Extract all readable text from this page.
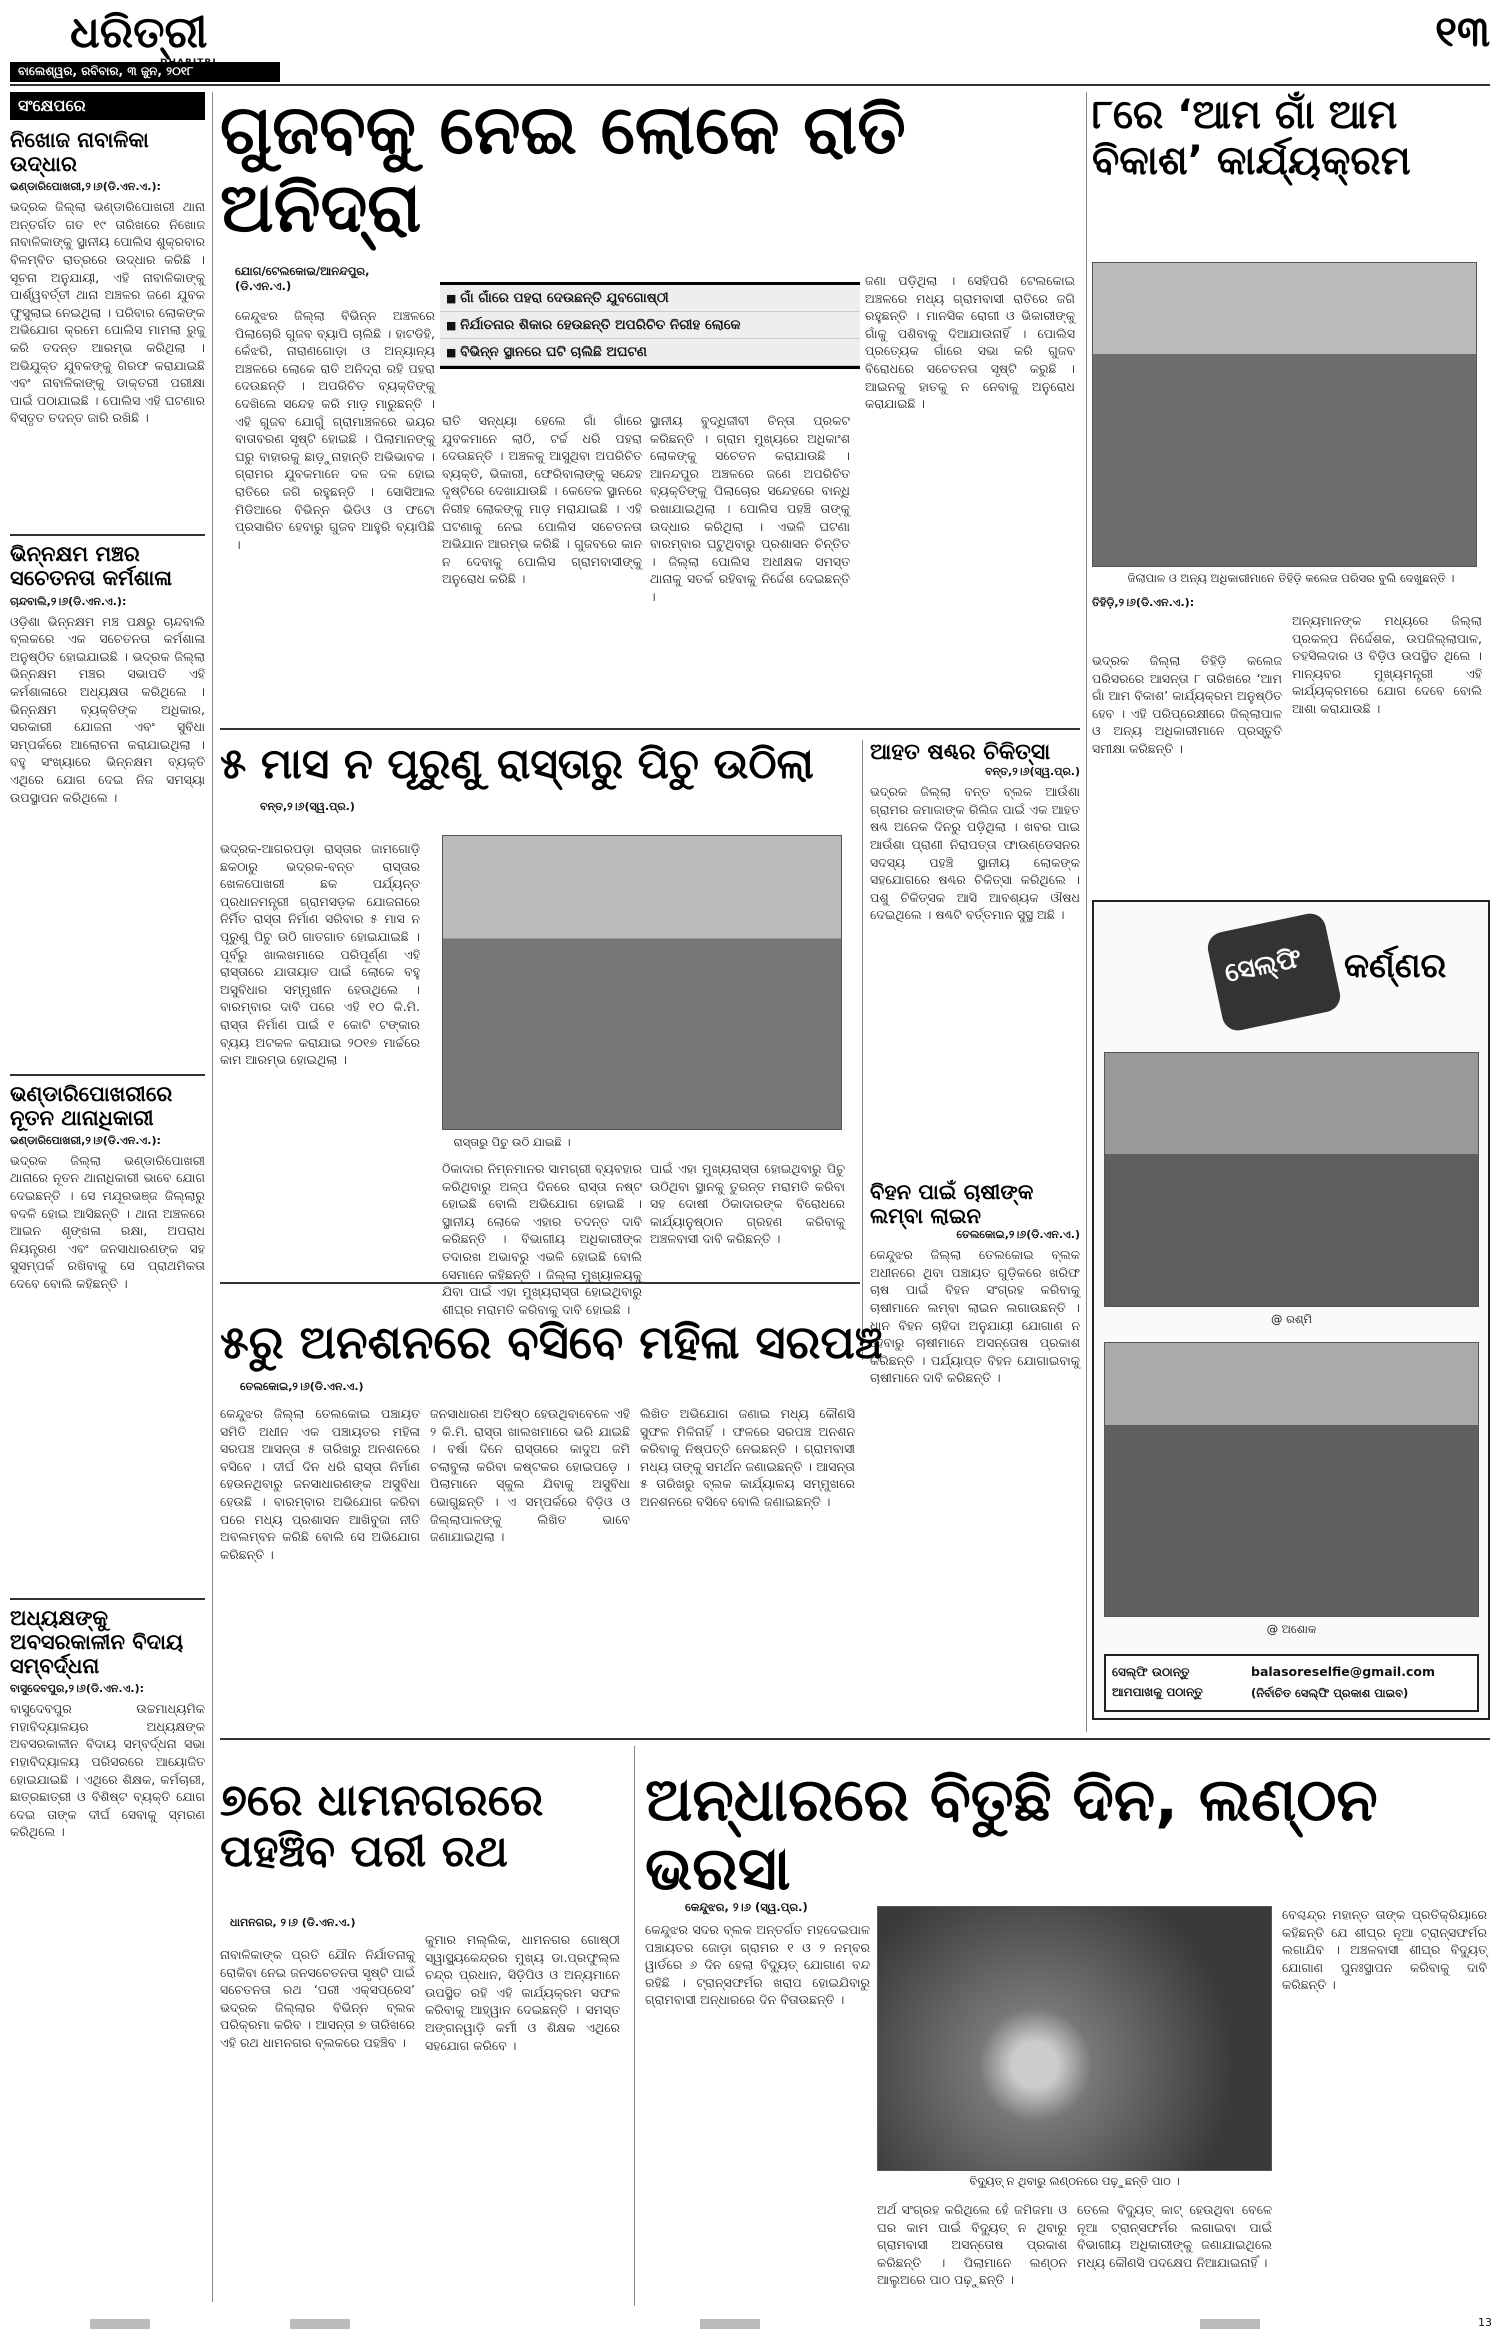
ଧରିତ୍ରୀ
ବାଲେଶ୍ୱର, ରବିବାର, ୩ ଜୁନ, ୨୦୧୮
୧୩
ସଂକ୍ଷେପରେ
ନିଖୋଜ ନାବାଳିକା ଉଦ୍ଧାର
ଭଣ୍ଡାରିପୋଖରୀ,୨।୬(ଡି.ଏନ.ଏ.):
ଭଦ୍ରକ ଜିଲ୍ଲା ଭଣ୍ଡାରିପୋଖରୀ ଥାନା ଅନ୍ତର୍ଗତ ଗତ ୧୯ ତାରିଖରେ ନିଖୋଜ ନାବାଳିକାଙ୍କୁ ସ୍ଥାନୀୟ ପୋଲିସ ଶୁକ୍ରବାର ବିଳମ୍ବିତ ରାତ୍ରରେ ଉଦ୍ଧାର କରିଛି । ସୂଚନା ଅନୁଯାୟୀ, ଏହି ନାବାଳିକାଙ୍କୁ ପାର୍ଶ୍ୱବର୍ତ୍ତୀ ଥାନା ଅଞ୍ଚଳର ଜଣେ ଯୁବକ ଫୁସୁଲାଇ ନେଇଥିଲା । ପରିବାର ଲୋକଙ୍କ ଅଭିଯୋଗ କ୍ରମେ ପୋଲିସ ମାମଲା ରୁଜୁ କରି ତଦନ୍ତ ଆରମ୍ଭ କରିଥିଲା । ଅଭିଯୁକ୍ତ ଯୁବକଙ୍କୁ ଗିରଫ କରାଯାଇଛି ଏବଂ ନାବାଳିକାଙ୍କୁ ଡାକ୍ତରୀ ପରୀକ୍ଷା ପାଇଁ ପଠାଯାଇଛି । ପୋଲିସ ଏହି ଘଟଣାର ବିସ୍ତୃତ ତଦନ୍ତ ଜାରି ରଖିଛି ।
ଭିନ୍ନକ୍ଷମ ମଞ୍ଚର ସଚେତନତା କର୍ମଶାଳା
ଚାନ୍ଦବାଲି,୨।୬(ଡି.ଏନ.ଏ.):
ଓଡ଼ିଶା ଭିନ୍ନକ୍ଷମ ମଞ୍ଚ ପକ୍ଷରୁ ଚାନ୍ଦବାଲି ବ୍ଲକରେ ଏକ ସଚେତନତା କର୍ମଶାଳା ଅନୁଷ୍ଠିତ ହୋଇଯାଇଛି । ଭଦ୍ରକ ଜିଲ୍ଲା ଭିନ୍ନକ୍ଷମ ମଞ୍ଚର ସଭାପତି ଏହି କର୍ମଶାଳାରେ ଅଧ୍ୟକ୍ଷତା କରିଥିଲେ । ଭିନ୍ନକ୍ଷମ ବ୍ୟକ୍ତିଙ୍କ ଅଧିକାର, ସରକାରୀ ଯୋଜନା ଏବଂ ସୁବିଧା ସମ୍ପର୍କରେ ଆଲୋଚନା କରାଯାଇଥିଲା । ବହୁ ସଂଖ୍ୟାରେ ଭିନ୍ନକ୍ଷମ ବ୍ୟକ୍ତି ଏଥିରେ ଯୋଗ ଦେଇ ନିଜ ସମସ୍ୟା ଉପସ୍ଥାପନ କରିଥିଲେ ।
ଭଣ୍ଡାରିପୋଖରୀରେ ନୂତନ ଥାନାଧିକାରୀ
ଭଣ୍ଡାରିପୋଖରୀ,୨।୬(ଡି.ଏନ.ଏ.):
ଭଦ୍ରକ ଜିଲ୍ଲା ଭଣ୍ଡାରିପୋଖରୀ ଥାନାରେ ନୂତନ ଥାନାଧିକାରୀ ଭାବେ ଯୋଗ ଦେଇଛନ୍ତି । ସେ ମଯୂରଭଞ୍ଜ ଜିଲ୍ଲାରୁ ବଦଳି ହୋଇ ଆସିଛନ୍ତି । ଥାନା ଅଞ୍ଚଳରେ ଆଇନ ଶୃଙ୍ଖଳା ରକ୍ଷା, ଅପରାଧ ନିୟନ୍ତ୍ରଣ ଏବଂ ଜନସାଧାରଣଙ୍କ ସହ ସୁସମ୍ପର୍କ ରଖିବାକୁ ସେ ପ୍ରାଥମିକତା ଦେବେ ବୋଲି କହିଛନ୍ତି ।
ଅଧ୍ୟକ୍ଷଙ୍କୁ ଅବସରକାଳୀନ ବିଦାୟ ସମ୍ବର୍ଦ୍ଧନା
ବାସୁଦେବପୁର,୨।୬(ଡି.ଏନ.ଏ.):
ବାସୁଦେବପୁର ଉଚ୍ଚମାଧ୍ୟମିକ ମହାବିଦ୍ୟାଳୟର ଅଧ୍ୟକ୍ଷଙ୍କ ଅବସରକାଳୀନ ବିଦାୟ ସମ୍ବର୍ଦ୍ଧନା ସଭା ମହାବିଦ୍ୟାଳୟ ପରିସରରେ ଆୟୋଜିତ ହୋଇଯାଇଛି । ଏଥିରେ ଶିକ୍ଷକ, କର୍ମଚାରୀ, ଛାତ୍ରଛାତ୍ରୀ ଓ ବିଶିଷ୍ଟ ବ୍ୟକ୍ତି ଯୋଗ ଦେଇ ତାଙ୍କ ଦୀର୍ଘ ସେବାକୁ ସ୍ମରଣ କରିଥିଲେ ।
ଗୁଜବକୁ ନେଇ ଲୋକେ ରାତି ଅନିଦ୍ରା
ଯୋଗ/ଟେଲକୋଇ/ଆନନ୍ଦପୁର, (ଡି.ଏନ.ଏ.)
■ ଗାଁ ଗାଁରେ ପହରା ଦେଉଛନ୍ତି ଯୁବଗୋଷ୍ଠୀ
■ ନିର୍ଯାତନାର ଶିକାର ହେଉଛନ୍ତି ଅପରିଚିତ ନିରୀହ ଲୋକେ
■ ବିଭିନ୍ନ ସ୍ଥାନରେ ଘଟି ଚାଲିଛି ଅଘଟଣ
କେନ୍ଦୁଝର ଜିଲ୍ଲା ବିଭିନ୍ନ ଅଞ୍ଚଳରେ ପିଲାଚୋରି ଗୁଜବ ବ୍ୟାପି ଚାଲିଛି । ହାଟଡିହି, କେଁଝରି, ନାରାଣଗୋଡ଼ା ଓ ଅନ୍ୟାନ୍ୟ ଅଞ୍ଚଳରେ ଲୋକେ ରାତି ଅନିଦ୍ରା ରହି ପହରା ଦେଉଛନ୍ତି । ଅପରିଚିତ ବ୍ୟକ୍ତିଙ୍କୁ ଦେଖିଲେ ସନ୍ଦେହ କରି ମାଡ଼ ମାରୁଛନ୍ତି । ଏହି ଗୁଜବ ଯୋଗୁଁ ଗ୍ରାମାଞ୍ଚଳରେ ଭୟର ବାତାବରଣ ସୃଷ୍ଟି ହୋଇଛି । ପିଲାମାନଙ୍କୁ ଘରୁ ବାହାରକୁ ଛାଡ଼ୁନାହାନ୍ତି ଅଭିଭାବକ । ଗ୍ରାମର ଯୁବକମାନେ ଦଳ ଦଳ ହୋଇ ରାତିରେ ଜଗି ରହୁଛନ୍ତି । ସୋସିଆଲ ମିଡିଆରେ ବିଭିନ୍ନ ଭିଡିଓ ଓ ଫଟୋ ପ୍ରସାରିତ ହେବାରୁ ଗୁଜବ ଆହୁରି ବ୍ୟାପିଛି ।
ରାତି ସନ୍ଧ୍ୟା ହେଲେ ଗାଁ ଗାଁରେ ଯୁବକମାନେ ଲାଠି, ଟର୍ଚ୍ଚ ଧରି ପହରା ଦେଉଛନ୍ତି । ଅଞ୍ଚଳକୁ ଆସୁଥିବା ଅପରିଚିତ ବ୍ୟକ୍ତି, ଭିକାରୀ, ଫେରିବାଲାଙ୍କୁ ସନ୍ଦେହ ଦୃଷ୍ଟିରେ ଦେଖାଯାଉଛି । କେତେକ ସ୍ଥାନରେ ନିରୀହ ଲୋକଙ୍କୁ ମାଡ଼ ମରାଯାଇଛି । ଏହି ଘଟଣାକୁ ନେଇ ପୋଲିସ ସଚେତନତା ଅଭିଯାନ ଆରମ୍ଭ କରିଛି । ଗୁଜବରେ କାନ ନ ଦେବାକୁ ପୋଲିସ ଗ୍ରାମବାସୀଙ୍କୁ ଅନୁରୋଧ କରିଛି ।
ସ୍ଥାନୀୟ ବୁଦ୍ଧିଜୀବୀ ଚିନ୍ତା ପ୍ରକଟ କରିଛନ୍ତି । ଗ୍ରାମ ମୁଖ୍ୟରେ ଅଧିକାଂଶ ଲୋକଙ୍କୁ ସଚେତନ କରାଯାଉଛି । ଆନନ୍ଦପୁର ଅଞ୍ଚଳରେ ଜଣେ ଅପରିଚିତ ବ୍ୟକ୍ତିଙ୍କୁ ପିଲାଚୋର ସନ୍ଦେହରେ ବାନ୍ଧି ରଖାଯାଇଥିଲା । ପୋଲିସ ପହଞ୍ଚି ତାଙ୍କୁ ଉଦ୍ଧାର କରିଥିଲା । ଏଭଳି ଘଟଣା ବାରମ୍ବାର ଘଟୁଥିବାରୁ ପ୍ରଶାସନ ଚିନ୍ତିତ । ଜିଲ୍ଲା ପୋଲିସ ଅଧୀକ୍ଷକ ସମସ୍ତ ଥାନାକୁ ସତର୍କ ରହିବାକୁ ନିର୍ଦ୍ଦେଶ ଦେଇଛନ୍ତି ।
ଜଣା ପଡ଼ିଥିଲା । ସେହିପରି ଟେଲକୋଇ ଅଞ୍ଚଳରେ ମଧ୍ୟ ଗ୍ରାମବାସୀ ରାତିରେ ଜଗି ରହୁଛନ୍ତି । ମାନସିକ ରୋଗୀ ଓ ଭିକାରୀଙ୍କୁ ଗାଁକୁ ପଶିବାକୁ ଦିଆଯାଉନାହିଁ । ପୋଲିସ ପ୍ରତ୍ୟେକ ଗାଁରେ ସଭା କରି ଗୁଜବ ବିରୋଧରେ ସଚେତନତା ସୃଷ୍ଟି କରୁଛି । ଆଇନକୁ ହାତକୁ ନ ନେବାକୁ ଅନୁରୋଧ କରାଯାଇଛି ।
୮ରେ ‘ଆମ ଗାଁ ଆମ ବିକାଶ’ କାର୍ଯ୍ୟକ୍ରମ
ଜିଲାପାଳ ଓ ଅନ୍ୟ ଅଧିକାରୀମାନେ ତିହିଡ଼ି କଲେଜ ପରିସର ବୁଲି ଦେଖୁଛନ୍ତି ।
ତିହିଡ଼ି,୨।୬(ଡି.ଏନ.ଏ.):
ଭଦ୍ରକ ଜିଲ୍ଲା ତିହିଡ଼ି କଲେଜ ପରିସରରେ ଆସନ୍ତା ୮ ତାରିଖରେ ‘ଆମ ଗାଁ ଆମ ବିକାଶ’ କାର୍ଯ୍ୟକ୍ରମ ଅନୁଷ୍ଠିତ ହେବ । ଏହି ପରିପ୍ରେକ୍ଷୀରେ ଜିଲ୍ଲାପାଳ ଓ ଅନ୍ୟ ଅଧିକାରୀମାନେ ପ୍ରସ୍ତୁତି ସମୀକ୍ଷା କରିଛନ୍ତି ।
ଅନ୍ୟମାନଙ୍କ ମଧ୍ୟରେ ଜିଲ୍ଲା ପ୍ରକଳ୍ପ ନିର୍ଦ୍ଦେଶକ, ଉପଜିଲ୍ଲାପାଳ, ତହସିଲଦାର ଓ ବିଡ଼ିଓ ଉପସ୍ଥିତ ଥିଲେ । ମାନ୍ୟବର ମୁଖ୍ୟମନ୍ତ୍ରୀ ଏହି କାର୍ଯ୍ୟକ୍ରମରେ ଯୋଗ ଦେବେ ବୋଲି ଆଶା କରାଯାଉଛି ।
୫ ମାସ ନ ପୂରୁଣୁ ରାସ୍ତାରୁ ପିଚୁ ଉଠିଲା
ବନ୍ତ,୨।୬(ସ୍ୱ.ପ୍ର.)
ଭଦ୍ରକ-ଆଗରପଡ଼ା ରାସ୍ତାର ଜାମଗୋଡ଼ି ଛକଠାରୁ ଭଦ୍ରକ-ବନ୍ତ ରାସ୍ତାର ଖେଳପୋଖରୀ ଛକ ପର୍ଯ୍ୟନ୍ତ ପ୍ରଧାନମନ୍ତ୍ରୀ ଗ୍ରାମସଡ଼କ ଯୋଜନାରେ ନିର୍ମିତ ରାସ୍ତା ନିର୍ମାଣ ସରିବାର ୫ ମାସ ନ ପୂରୁଣୁ ପିଚୁ ଉଠି ଗାତଗାତ ହୋଇଯାଇଛି । ପୂର୍ବରୁ ଖାଲଖମାରେ ପରିପୂର୍ଣ୍ଣ ଏହି ରାସ୍ତାରେ ଯାତାୟାତ ପାଇଁ ଲୋକେ ବହୁ ଅସୁବିଧାର ସମ୍ମୁଖୀନ ହେଉଥିଲେ । ବାରମ୍ବାର ଦାବି ପରେ ଏହି ୧୦ କି.ମି. ରାସ୍ତା ନିର୍ମାଣ ପାଇଁ ୧ କୋଟି ଟଙ୍କାର ବ୍ୟୟ ଅଟକଳ କରାଯାଇ ୨୦୧୭ ମାର୍ଚ୍ଚରେ କାମ ଆରମ୍ଭ ହୋଇଥିଲା ।
ରାସ୍ତାରୁ ପିଚୁ ଉଠି ଯାଇଛି ।
ଠିକାଦାର ନିମ୍ନମାନର ସାମଗ୍ରୀ ବ୍ୟବହାର କରିଥିବାରୁ ଅଳ୍ପ ଦିନରେ ରାସ୍ତା ନଷ୍ଟ ହୋଇଛି ବୋଲି ଅଭିଯୋଗ ହୋଇଛି । ସ୍ଥାନୀୟ ଲୋକେ ଏହାର ତଦନ୍ତ ଦାବି କରିଛନ୍ତି । ବିଭାଗୀୟ ଅଧିକାରୀଙ୍କ ତଦାରଖ ଅଭାବରୁ ଏଭଳି ହୋଇଛି ବୋଲି ସେମାନେ କହିଛନ୍ତି । ଜିଲ୍ଲା ମୁଖ୍ୟାଳୟକୁ ଯିବା ପାଇଁ ଏହା ମୁଖ୍ୟରାସ୍ତା ହୋଇଥିବାରୁ ଶୀଘ୍ର ମରାମତି କରିବାକୁ ଦାବି ହୋଇଛି ।
ପାଇଁ ଏହା ମୁଖ୍ୟରାସ୍ତା ହୋଇଥିବାରୁ ପିଚୁ ଉଠିଥିବା ସ୍ଥାନକୁ ତୁରନ୍ତ ମରାମତି କରିବା ସହ ଦୋଷୀ ଠିକାଦାରଙ୍କ ବିରୋଧରେ କାର୍ଯ୍ୟାନୁଷ୍ଠାନ ଗ୍ରହଣ କରିବାକୁ ଅଞ୍ଚଳବାସୀ ଦାବି କରିଛନ୍ତି ।
ଆହତ ଷଣ୍ଢର ଚିକିତ୍ସା
ବନ୍ତ,୨।୬(ସ୍ୱ.ପ୍ର.)
ଭଦ୍ରକ ଜିଲ୍ଲା ବନ୍ତ ବ୍ଲକ ଆଉଁଶା ଗ୍ରାମର ଜମାଜାଙ୍କ ରିଲିଜ ପାଇଁ ଏକ ଆହତ ଷଣ୍ଢ ଅନେକ ଦିନରୁ ପଡ଼ିଥିଲା । ଖବର ପାଇ ଆଉଁଶା ପ୍ରାଣୀ ନିରାପତ୍ତା ଫାଉଣ୍ଡେସନର ସଦସ୍ୟ ପହଞ୍ଚି ସ୍ଥାନୀୟ ଲୋକଙ୍କ ସହଯୋଗରେ ଷଣ୍ଢର ଚିକିତ୍ସା କରିଥିଲେ । ପଶୁ ଚିକିତ୍ସକ ଆସି ଆବଶ୍ୟକ ଔଷଧ ଦେଇଥିଲେ । ଷଣ୍ଢଟି ବର୍ତ୍ତମାନ ସୁସ୍ଥ ଅଛି ।
ବିହନ ପାଇଁ ଚାଷୀଙ୍କ ଲମ୍ବା ଲାଇନ
ତେଲକୋଇ,୨।୬(ଡି.ଏନ.ଏ.)
କେନ୍ଦୁଝର ଜିଲ୍ଲା ତେଲକୋଇ ବ୍ଲକ ଅଧୀନରେ ଥିବା ପଞ୍ଚାୟତ ଗୁଡ଼ିକରେ ଖରିଫ ଚାଷ ପାଇଁ ବିହନ ସଂଗ୍ରହ କରିବାକୁ ଚାଷୀମାନେ ଲମ୍ବା ଲାଇନ ଲଗାଉଛନ୍ତି । ଧାନ ବିହନ ଚାହିଦା ଅନୁଯାୟୀ ଯୋଗାଣ ନ ହେବାରୁ ଚାଷୀମାନେ ଅସନ୍ତୋଷ ପ୍ରକାଶ କରିଛନ୍ତି । ପର୍ଯ୍ୟାପ୍ତ ବିହନ ଯୋଗାଇବାକୁ ଚାଷୀମାନେ ଦାବି କରିଛନ୍ତି ।
ସେଲ୍ଫି କର୍ଣ୍ଣର
@ ରଶ୍ମି
@ ଅଶୋକ
ସେଲ୍ଫି ଉଠାନ୍ତୁ ଆମପାଖକୁ ପଠାନ୍ତୁ
balasoreselfie@gmail.com
(ନିର୍ବାଚିତ ସେଲ୍ଫି ପ୍ରକାଶ ପାଇବ)
୫ରୁ ଅନଶନରେ ବସିବେ ମହିଳା ସରପଞ୍ଚ
ତେଲକୋଇ,୨।୬(ଡି.ଏନ.ଏ.)
କେନ୍ଦୁଝର ଜିଲ୍ଲା ତେଲକୋଇ ପଞ୍ଚାୟତ ସମିତି ଅଧୀନ ଏକ ପଞ୍ଚାୟତର ମହିଳା ସରପଞ୍ଚ ଆସନ୍ତା ୫ ତାରିଖରୁ ଅନଶନରେ ବସିବେ । ଦୀର୍ଘ ଦିନ ଧରି ରାସ୍ତା ନିର୍ମାଣ ହେଉନଥିବାରୁ ଜନସାଧାରଣଙ୍କ ଅସୁବିଧା ହେଉଛି । ବାରମ୍ବାର ଅଭିଯୋଗ କରିବା ପରେ ମଧ୍ୟ ପ୍ରଶାସନ ଆଖିବୁଜା ନୀତି ଅବଲମ୍ବନ କରିଛି ବୋଲି ସେ ଅଭିଯୋଗ କରିଛନ୍ତି ।
ଜନସାଧାରଣ ଅତିଷ୍ଠ ହେଉଥିବାବେଳେ ଏହି ୨ କି.ମି. ରାସ୍ତା ଖାଲଖମାରେ ଭରି ଯାଇଛି । ବର୍ଷା ଦିନେ ରାସ୍ତାରେ କାଦୁଅ ଜମି ଚଲାବୁଲା କରିବା କଷ୍ଟକର ହୋଇପଡ଼େ । ପିଲାମାନେ ସ୍କୁଲ ଯିବାକୁ ଅସୁବିଧା ଭୋଗୁଛନ୍ତି । ଏ ସମ୍ପର୍କରେ ବିଡ଼ିଓ ଓ ଜିଲ୍ଲାପାଳଙ୍କୁ ଲିଖିତ ଭାବେ ଜଣାଯାଇଥିଲା ।
ଲିଖିତ ଅଭିଯୋଗ ଜଣାଇ ମଧ୍ୟ କୌଣସି ସୁଫଳ ମିଳିନାହିଁ । ଫଳରେ ସରପଞ୍ଚ ଅନଶନ କରିବାକୁ ନିଷ୍ପତ୍ତି ନେଇଛନ୍ତି । ଗ୍ରାମବାସୀ ମଧ୍ୟ ତାଙ୍କୁ ସମର୍ଥନ ଜଣାଇଛନ୍ତି । ଆସନ୍ତା ୫ ତାରିଖରୁ ବ୍ଲକ କାର୍ଯ୍ୟାଳୟ ସମ୍ମୁଖରେ ଅନଶନରେ ବସିବେ ବୋଲି ଜଣାଇଛନ୍ତି ।
୭ରେ ଧାମନଗରରେ ପହଞ୍ଚିବ ପରୀ ରଥ
ଧାମନଗର, ୨।୬ (ଡି.ଏନ.ଏ.)
ନାବାଳିକାଙ୍କ ପ୍ରତି ଯୌନ ନିର୍ଯାତନାକୁ ରୋକିବା ନେଇ ଜନସଚେତନତା ସୃଷ୍ଟି ପାଇଁ ସଚେତନତା ରଥ ‘ପରୀ ଏକ୍ସପ୍ରେସ’ ଭଦ୍ରକ ଜିଲ୍ଲାର ବିଭିନ୍ନ ବ୍ଲକ ପରିକ୍ରମା କରିବ । ଆସନ୍ତା ୭ ତାରିଖରେ ଏହି ରଥ ଧାମନଗର ବ୍ଲକରେ ପହଞ୍ଚିବ ।
କୁମାର ମଲ୍ଲିକ, ଧାମନଗର ଗୋଷ୍ଠୀ ସ୍ୱାସ୍ଥ୍ୟକେନ୍ଦ୍ରର ମୁଖ୍ୟ ଡା.ପ୍ରଫୁଲ୍ଲ ଚନ୍ଦ୍ର ପ୍ରଧାନ, ସିଡ଼ିପିଓ ଓ ଅନ୍ୟମାନେ ଉପସ୍ଥିତ ରହି ଏହି କାର୍ଯ୍ୟକ୍ରମ ସଫଳ କରିବାକୁ ଆହ୍ୱାନ ଦେଇଛନ୍ତି । ସମସ୍ତ ଅଙ୍ଗନୱାଡ଼ି କର୍ମୀ ଓ ଶିକ୍ଷକ ଏଥିରେ ସହଯୋଗ କରିବେ ।
ଅନ୍ଧାରରେ ବିତୁଛି ଦିନ, ଲଣ୍ଠନ ଭରସା
କେନ୍ଦୁଝର, ୨।୬ (ସ୍ୱ.ପ୍ର.)
କେନ୍ଦୁଝର ସଦର ବ୍ଲକ ଅନ୍ତର୍ଗତ ମହଦେଇପାଳ ପଞ୍ଚାୟତର ଜୋଡ଼ା ଗ୍ରାମର ୧ ଓ ୨ ନମ୍ବର ୱାର୍ଡରେ ୬ ଦିନ ହେଲା ବିଦ୍ୟୁତ୍ ଯୋଗାଣ ବନ୍ଦ ରହିଛି । ଟ୍ରାନ୍ସଫର୍ମର ଖରାପ ହୋଇଯିବାରୁ ଗ୍ରାମବାସୀ ଅନ୍ଧାରରେ ଦିନ ବିତାଉଛନ୍ତି ।
ବିଦ୍ୟୁତ୍ ନ ଥିବାରୁ ଲଣ୍ଠନରେ ପଢ଼ୁଛନ୍ତି ପାଠ ।
ଅର୍ଥ ସଂଗ୍ରହ କରିଥିଲେ ହେଁ ଜମିଜମା ଓ ଘର କାମ ପାଇଁ ବିଦ୍ୟୁତ୍ ନ ଥିବାରୁ ଗ୍ରାମବାସୀ ଅସନ୍ତୋଷ ପ୍ରକାଶ କରିଛନ୍ତି । ପିଲାମାନେ ଲଣ୍ଠନ ଆଲୁଅରେ ପାଠ ପଢ଼ୁଛନ୍ତି ।
ତେଲେ ବିଦ୍ୟୁତ୍ କାଟ୍ ହେଉଥିବା ବେଳେ ନୂଆ ଟ୍ରାନ୍ସଫର୍ମର ଲଗାଇବା ପାଇଁ ବିଭାଗୀୟ ଅଧିକାରୀଙ୍କୁ ଜଣାଯାଇଥିଲେ ମଧ୍ୟ କୌଣସି ପଦକ୍ଷେପ ନିଆଯାଇନାହିଁ ।
ବେଶ୍ଚନ୍ଦ୍ର ମହାନ୍ତ ତାଙ୍କ ପ୍ରତିକ୍ରିୟାରେ କହିଛନ୍ତି ଯେ ଶୀଘ୍ର ନୂଆ ଟ୍ରାନ୍ସଫର୍ମର ଲଗାଯିବ । ଅଞ୍ଚଳବାସୀ ଶୀଘ୍ର ବିଦ୍ୟୁତ୍ ଯୋଗାଣ ପୁନଃସ୍ଥାପନ କରିବାକୁ ଦାବି କରିଛନ୍ତି ।
13
